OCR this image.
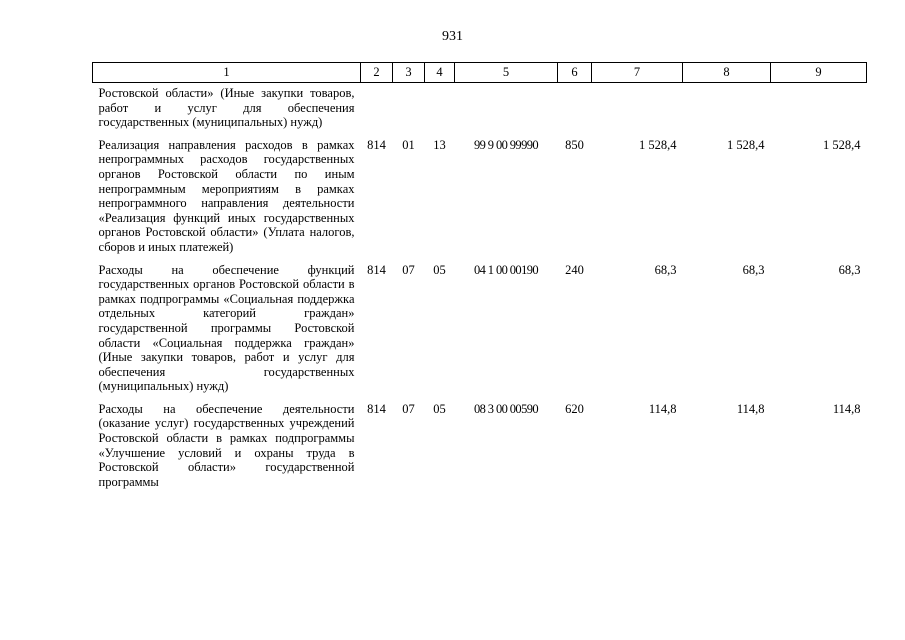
931
1	2	3	4	5	6	7	8	9
Ростовской области» (Иные закупки товаров, работ и услуг для обеспечения государственных (муниципальных) нужд)								
Реализация направления расходов в рамках непрограммных расходов государственных органов Ростовской области по иным непрограммным мероприятиям в рамках непрограммного направления деятельности «Реализация функций иных государственных органов Ростовской области» (Уплата налогов, сборов и иных платежей)	814	01	13	99 9 00 99990	850	1 528,4	1 528,4	1 528,4
Расходы на обеспечение функций государственных органов Ростовской области в рамках подпрограммы «Социальная поддержка отдельных категорий граждан» государственной программы Ростовской области «Социальная поддержка граждан» (Иные закупки товаров, работ и услуг для обеспечения государственных (муниципальных) нужд)	814	07	05	04 1 00 00190	240	68,3	68,3	68,3
Расходы на обеспечение деятельности (оказание услуг) государственных учреждений Ростовской области в рамках подпрограммы «Улучшение условий и охраны труда в Ростовской области» государственной программы	814	07	05	08 3 00 00590	620	114,8	114,8	114,8
